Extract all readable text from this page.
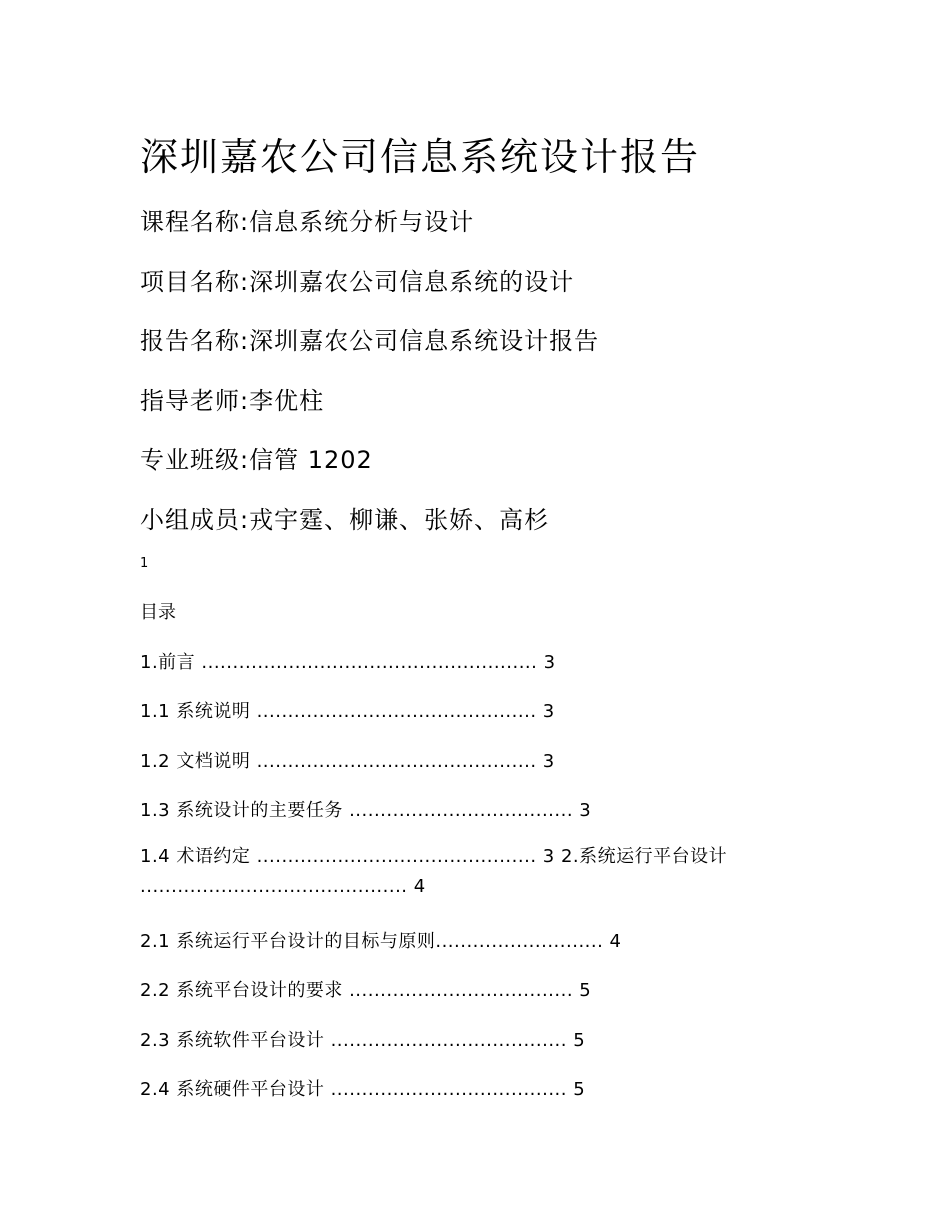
深圳嘉农公司信息系统设计报告
课程名称:信息系统分析与设计
项目名称:深圳嘉农公司信息系统的设计
报告名称:深圳嘉农公司信息系统设计报告
指导老师:李优柱
专业班级:信管 1202
小组成员:戎宇霆、柳谦、张娇、高杉
1
目录
1.前言 ...................................................... 3
1.1 系统说明 ............................................. 3
1.2 文档说明 ............................................. 3
1.3 系统设计的主要任务 .................................... 3
1.4 术语约定 ............................................. 3 2.系统运行平台设计 ........................................... 4
2.1 系统运行平台设计的目标与原则........................... 4
2.2 系统平台设计的要求 .................................... 5
2.3 系统软件平台设计 ...................................... 5
2.4 系统硬件平台设计 ...................................... 5
